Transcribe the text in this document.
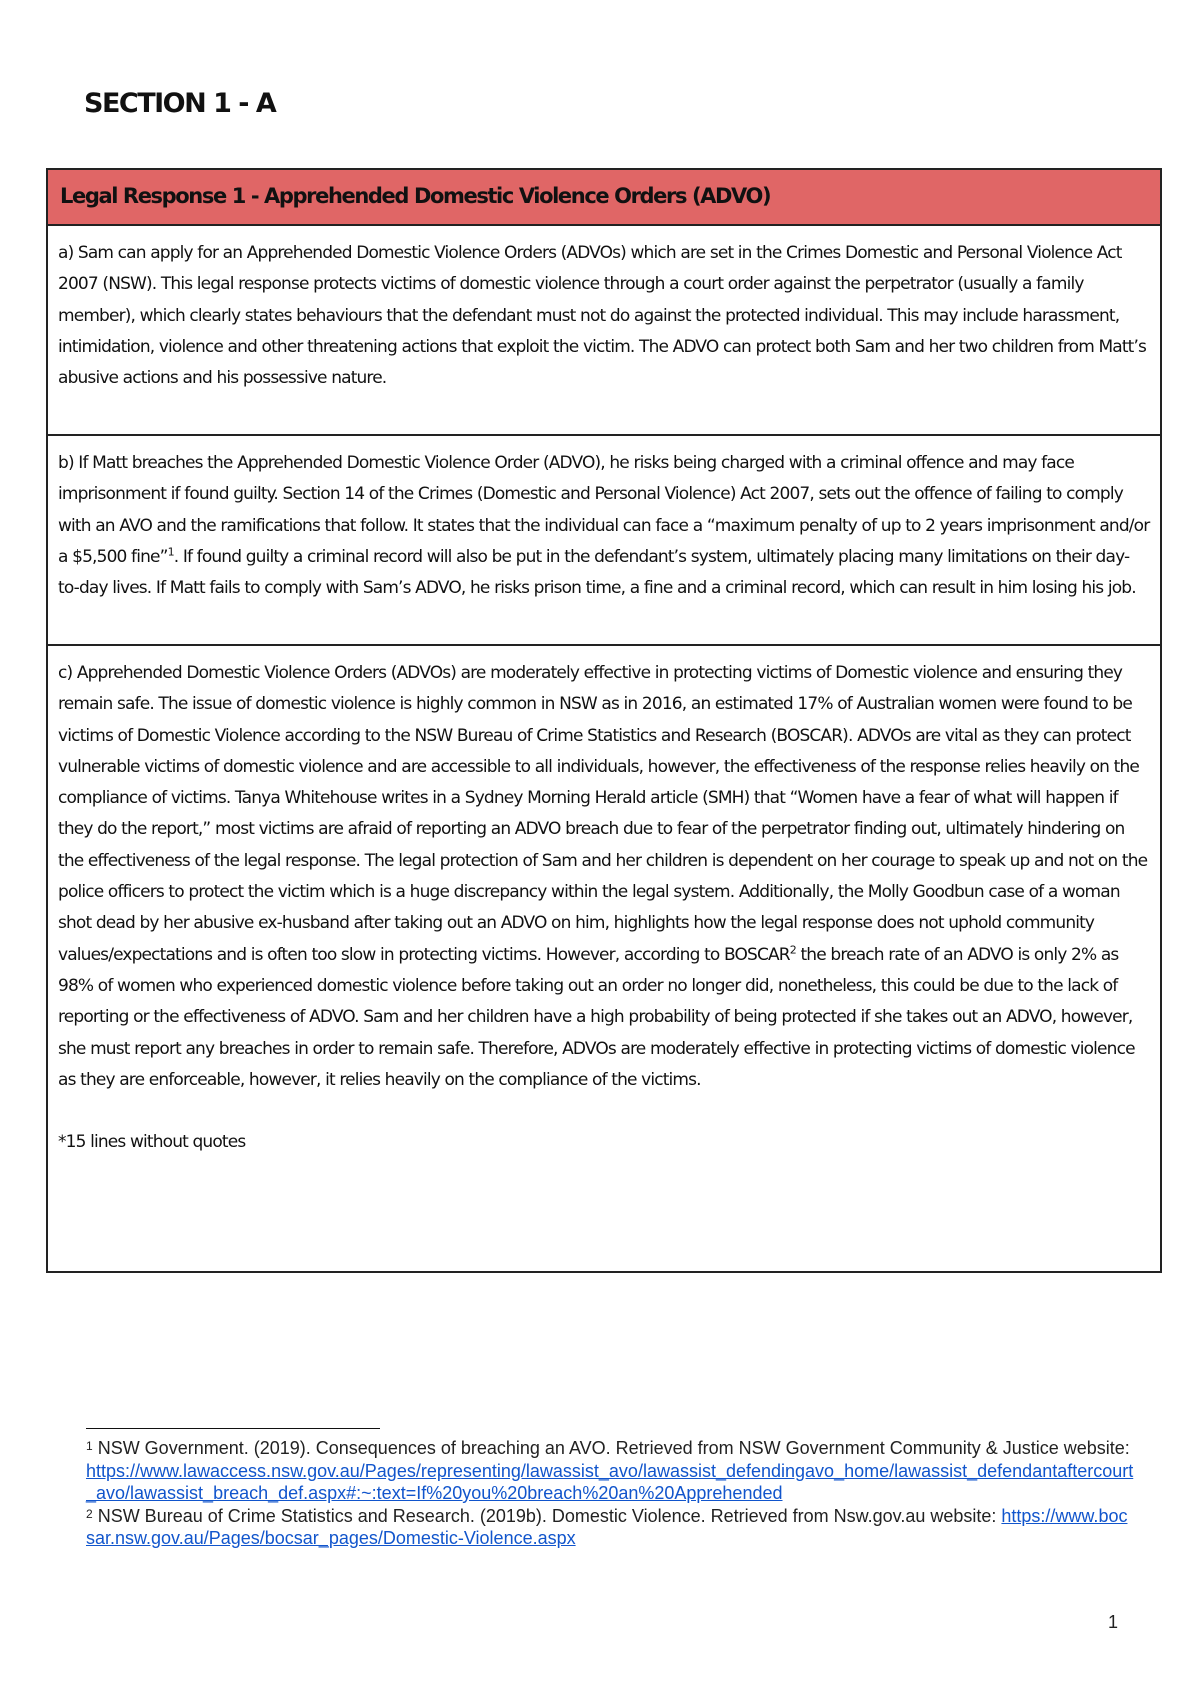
SECTION 1 - A
Legal Response 1 - Apprehended Domestic Violence Orders (ADVO)

a) Sam can apply for an Apprehended Domestic Violence Orders (ADVOs) which are set in the Crimes Domestic and Personal Violence Act 2007 (NSW). This legal response protects victims of domestic violence through a court order against the perpetrator (usually a family member), which clearly states behaviours that the defendant must not do against the protected individual. This may include harassment, intimidation, violence and other threatening actions that exploit the victim. The ADVO can protect both Sam and her two children from Matt’s abusive actions and his possessive nature.

b) If Matt breaches the Apprehended Domestic Violence Order (ADVO), he risks being charged with a criminal offence and may face imprisonment if found guilty. Section 14 of the Crimes (Domestic and Personal Violence) Act 2007, sets out the offence of failing to comply with an AVO and the ramifications that follow. It states that the individual can face a “maximum penalty of up to 2 years imprisonment and/or a $5,500 fine”$^1$. If found guilty a criminal record will also be put in the defendant’s system, ultimately placing many limitations on their day-to-day lives. If Matt fails to comply with Sam’s ADVO, he risks prison time, a fine and a criminal record, which can result in him losing his job.

c) Apprehended Domestic Violence Orders (ADVOs) are moderately effective in protecting victims of Domestic violence and ensuring they remain safe. The issue of domestic violence is highly common in NSW as in 2016, an estimated 17% of Australian women were found to be victims of Domestic Violence according to the NSW Bureau of Crime Statistics and Research (BOSCAR). ADVOs are vital as they can protect vulnerable victims of domestic violence and are accessible to all individuals, however, the effectiveness of the response relies heavily on the compliance of victims. Tanya Whitehouse writes in a Sydney Morning Herald article (SMH) that “Women have a fear of what will happen if they do the report,” most victims are afraid of reporting an ADVO breach due to fear of the perpetrator finding out, ultimately hindering on the effectiveness of the legal response. The legal protection of Sam and her children is dependent on her courage to speak up and not on the police officers to protect the victim which is a huge discrepancy within the legal system. Additionally, the Molly Goodbun case of a woman shot dead by her abusive ex-husband after taking out an ADVO on him, highlights how the legal response does not uphold community values/expectations and is often too slow in protecting victims. However, according to BOSCAR$^2$ the breach rate of an ADVO is only 2% as 98% of women who experienced domestic violence before taking out an order no longer did, nonetheless, this could be due to the lack of reporting or the effectiveness of ADVO. Sam and her children have a high probability of being protected if she takes out an ADVO, however, she must report any breaches in order to remain safe. Therefore, ADVOs are moderately effective in protecting victims of domestic violence as they are enforceable, however, it relies heavily on the compliance of the victims.

*15 lines without quotes

$^1$ NSW Government. (2019). Consequences of breaching an AVO. Retrieved from NSW Government Community & Justice website: https://www.lawaccess.nsw.gov.au/Pages/representing/lawassist_avo/lawassist_defendingavo_home/lawassist_defendantaftercourt_avo/lawassist_breach_def.aspx#:~:text=If%20you%20breach%20an%20Apprehended

$^2$ NSW Bureau of Crime Statistics and Research. (2019b). Domestic Violence. Retrieved from Nsw.gov.au website: https://www.bocsar.nsw.gov.au/Pages/bocsar_pages/Domestic-Violence.aspx

1
